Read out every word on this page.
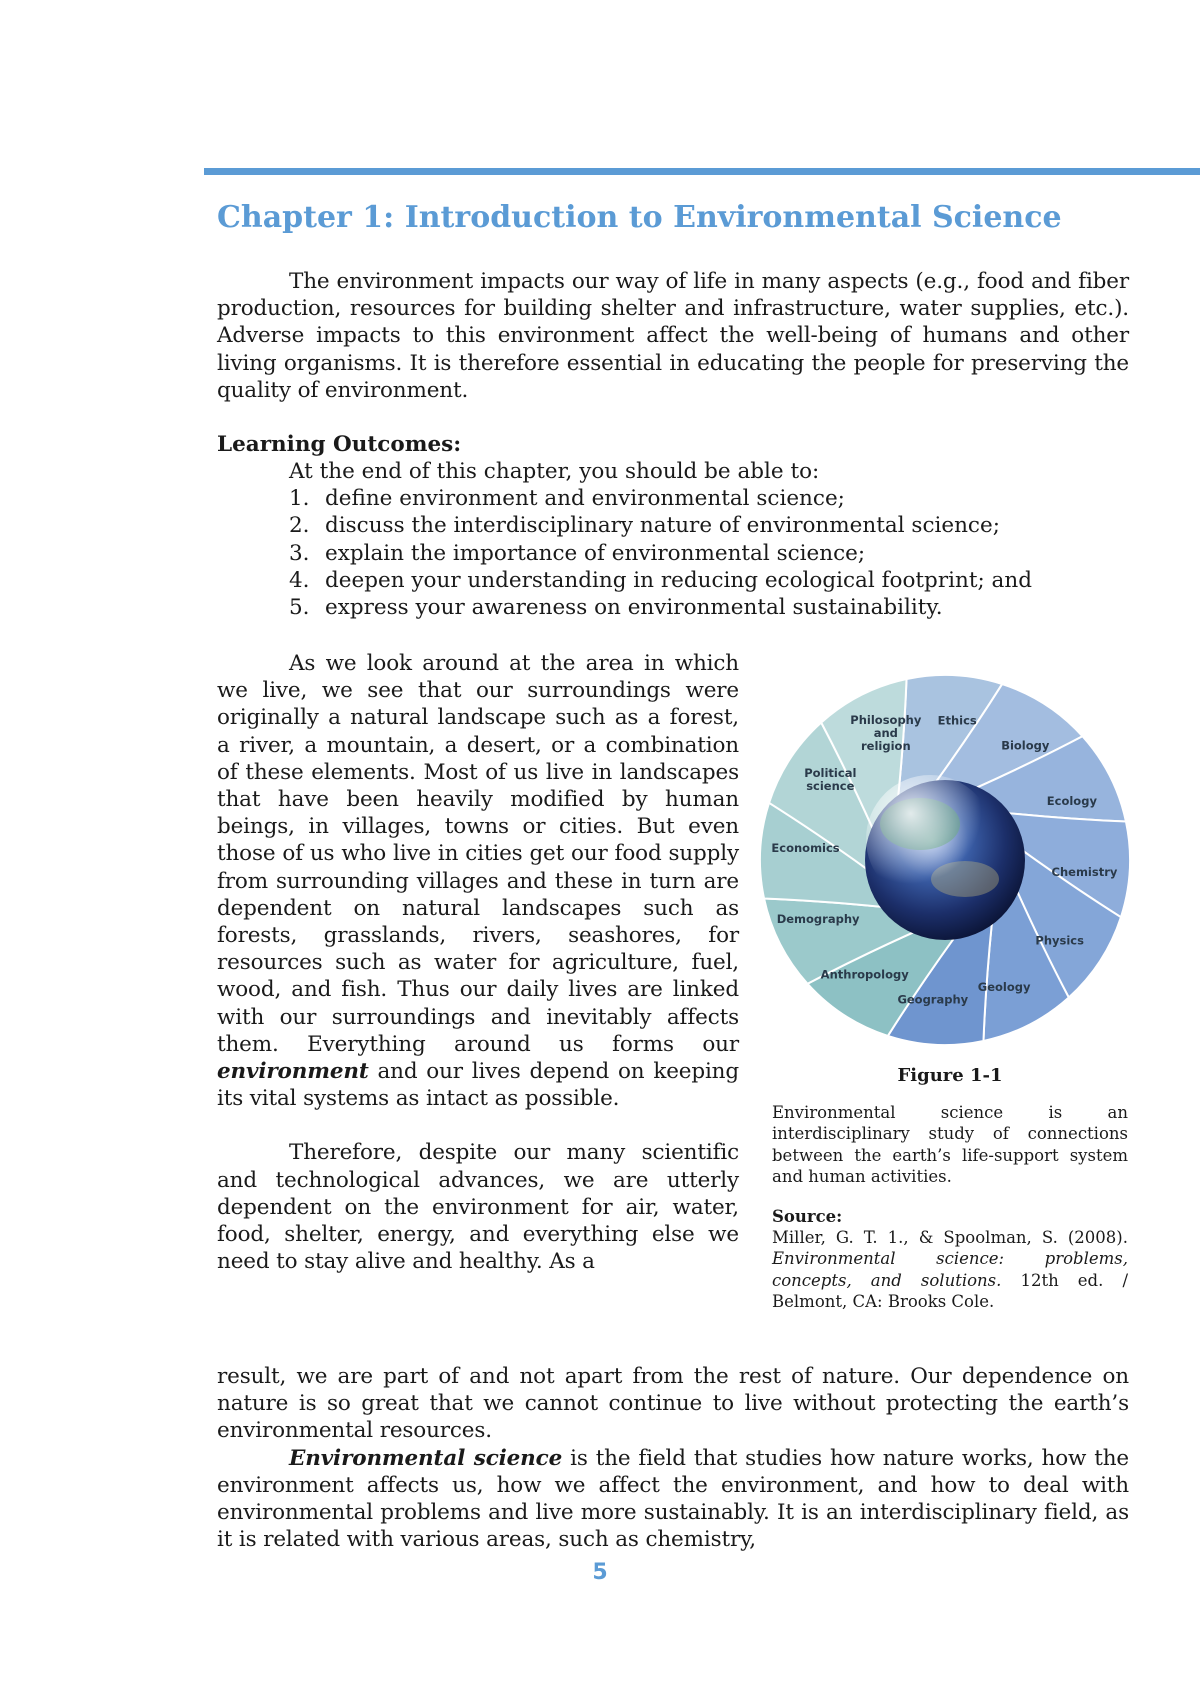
Chapter 1: Introduction to Environmental Science

The environment impacts our way of life in many aspects (e.g., food and fiber production, resources for building shelter and infrastructure, water supplies, etc.). Adverse impacts to this environment affect the well-being of humans and other living organisms. It is therefore essential in educating the people for preserving the quality of environment.

Learning Outcomes:

At the end of this chapter, you should be able to:

1. define environment and environmental science;
2. discuss the interdisciplinary nature of environmental science;
3. explain the importance of environmental science;
4. deepen your understanding in reducing ecological footprint; and
5. express your awareness on environmental sustainability.

As we look around at the area in which we live, we see that our surroundings were originally a natural landscape such as a forest, a river, a mountain, a desert, or a combination of these elements. Most of us live in landscapes that have been heavily modified by human beings, in villages, towns or cities. But even those of us who live in cities get our food supply from surrounding villages and these in turn are dependent on natural landscapes such as forests, grasslands, rivers, seashores, for resources such as water for agriculture, fuel, wood, and fish. Thus our daily lives are linked with our surroundings and inevitably affects them. Everything around us forms our environment and our lives depend on keeping its vital systems as intact as possible.

Therefore, despite our many scientific and technological advances, we are utterly dependent on the environment for air, water, food, shelter, energy, and everything else we need to stay alive and healthy. As a

Ethics
Biology
Ecology
Chemistry
Physics
Geology
Geography
Anthropology
Demography
Economics
Political science
Philosophy and religion

Figure 1-1

Environmental science is an interdisciplinary study of connections between the earth’s life-support system and human activities.

Source:

Miller, G. T. 1., & Spoolman, S. (2008). Environmental science: problems, concepts, and solutions. 12th ed. / Belmont, CA: Brooks Cole.

result, we are part of and not apart from the rest of nature. Our dependence on nature is so great that we cannot continue to live without protecting the earth’s environmental resources.

Environmental science is the field that studies how nature works, how the environment affects us, how we affect the environment, and how to deal with environmental problems and live more sustainably. It is an interdisciplinary field, as it is related with various areas, such as chemistry,

5
